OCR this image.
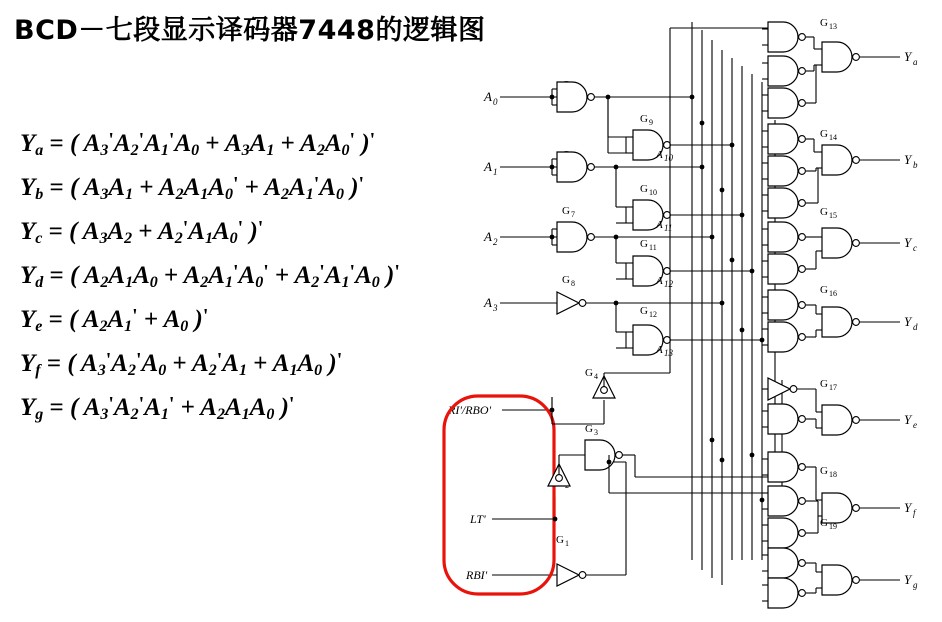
BCD－七段显示译码器7448的逻辑图
$Y_a$ = ( $A_3'A_2'A_1'A_0 + A_3A_1 + A_2A_0'$ )'
$Y_b$ = ( $A_3A_1 + A_2A_1A_0' + A_2A_1'A_0$ )'
$Y_c$ = ( $A_3A_2 + A_2'A_1A_0'$ )'
$Y_d$ = ( $A_2A_1A_0 + A_2A_1'A_0' + A_2'A_1'A_0$ )'
$Y_e$ = ( $A_2A_1' + A_0$ )'
$Y_f$ = ( $A_3'A_2'A_0 + A_2'A_1 + A_1A_0$ )'
$Y_g$ = ( $A_3'A_2'A_1' + A_2A_1A_0$ )'
A 0
A 1
A 2
A 3
RI'/RBO'
LT'
RBI'
G 7
G 8
G 9
A 10
G 10
A 11
G 11
A 12
G 12
A 13
G 1
G 3
G 4
G 13
Y a
G 14
Y b
G 15
Y c
G 16
Y d
G 17
Y e
G 18
Y f
G 19
Y g
